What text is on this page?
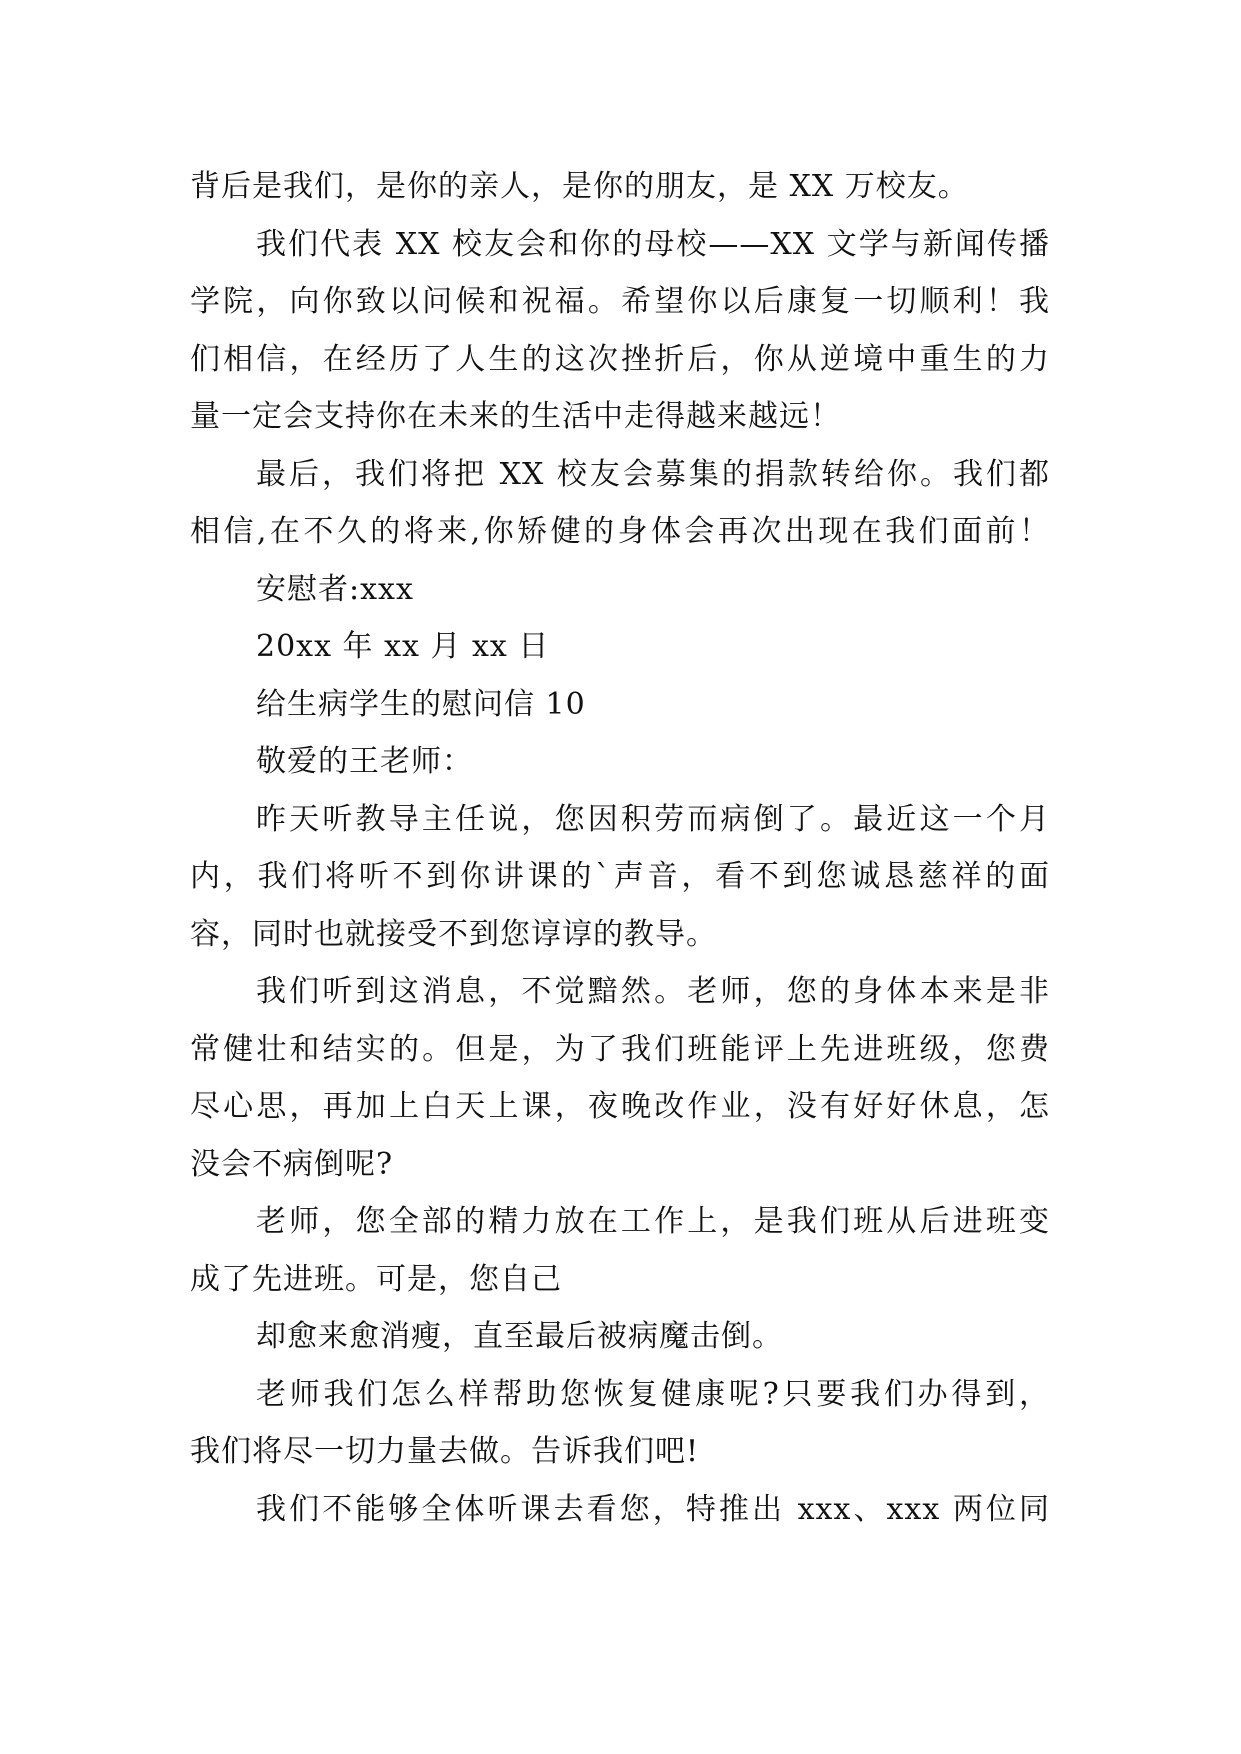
背后是我们，是你的亲人，是你的朋友，是 XX 万校友。
我们代表 XX 校友会和你的母校——XX 文学与新闻传播
学院，向你致以问候和祝福。希望你以后康复一切顺利！我
们相信，在经历了人生的这次挫折后，你从逆境中重生的力
量一定会支持你在未来的生活中走得越来越远！
最后，我们将把 XX 校友会募集的捐款转给你。我们都
相信,在不久的将来,你矫健的身体会再次出现在我们面前！
安慰者:xxx
20xx 年 xx 月 xx 日
给生病学生的慰问信 10
敬爱的王老师：
昨天听教导主任说，您因积劳而病倒了。最近这一个月
内，我们将听不到你讲课的`声音，看不到您诚恳慈祥的面
容，同时也就接受不到您谆谆的教导。
我们听到这消息，不觉黯然。老师，您的身体本来是非
常健壮和结实的。但是，为了我们班能评上先进班级，您费
尽心思，再加上白天上课，夜晚改作业，没有好好休息，怎
没会不病倒呢?
老师，您全部的精力放在工作上，是我们班从后进班变
成了先进班。可是，您自己
却愈来愈消瘦，直至最后被病魔击倒。
老师我们怎么样帮助您恢复健康呢?只要我们办得到，
我们将尽一切力量去做。告诉我们吧!
我们不能够全体听课去看您，特推出 xxx、xxx 两位同
